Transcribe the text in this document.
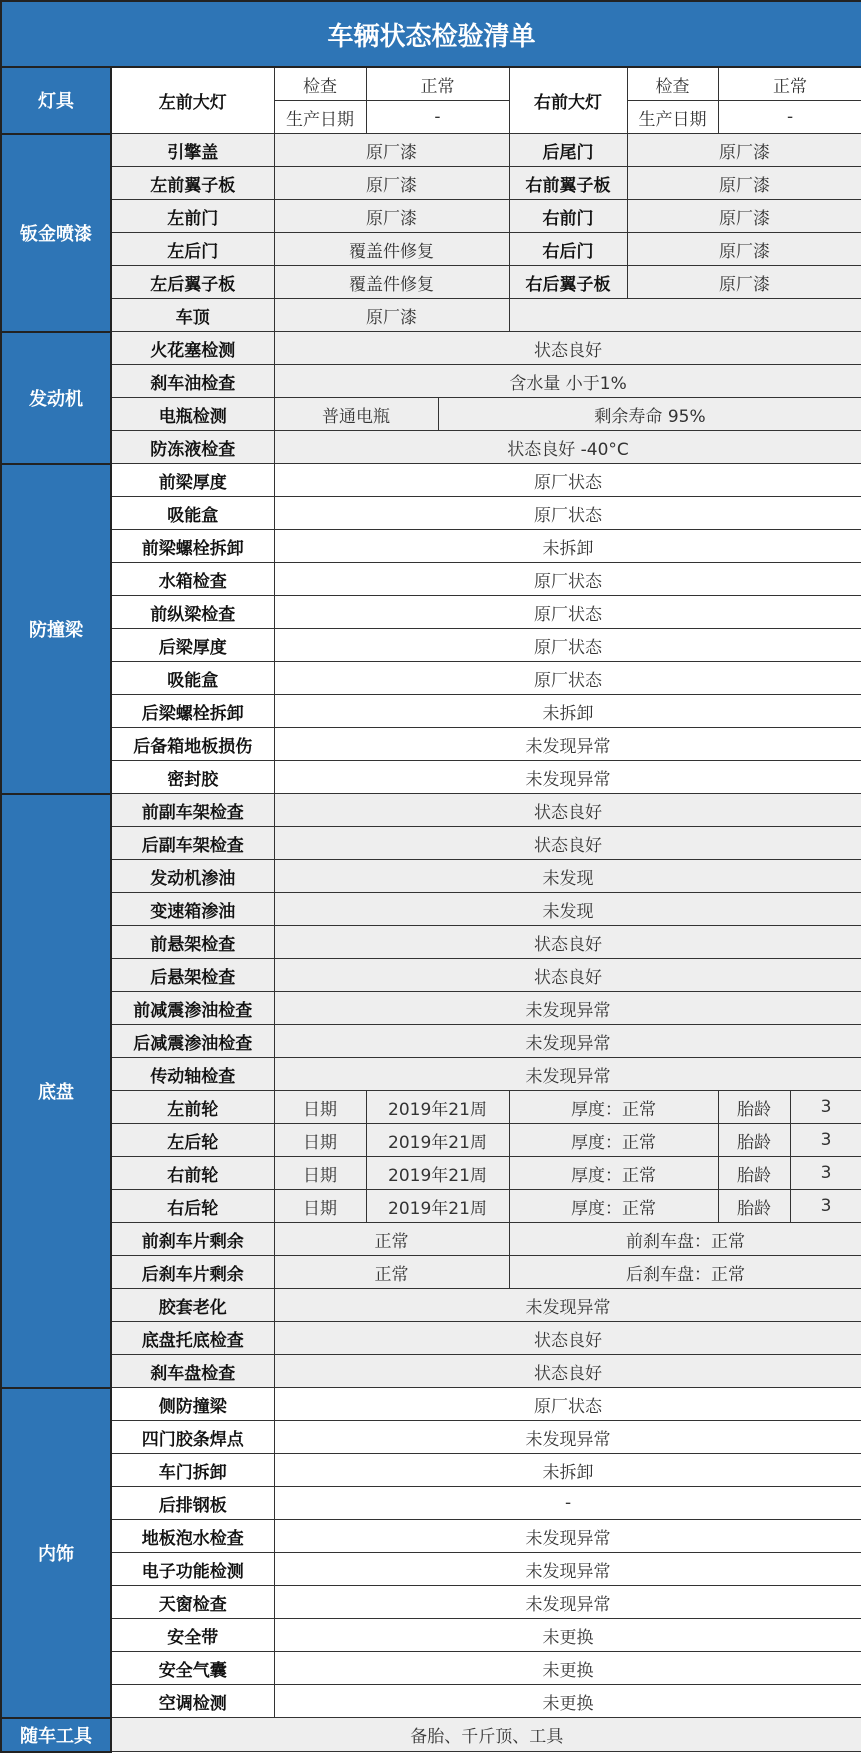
车辆状态检验清单								
灯具	左前大灯	检查	正常		右前大灯	检查	正常	
		生产日期	-			生产日期	-	
钣金喷漆	引擎盖	原厂漆			后尾门	原厂漆		
	左前翼子板	原厂漆			右前翼子板	原厂漆		
	左前门	原厂漆			右前门	原厂漆		
	左后门	覆盖件修复			右后门	原厂漆		
	左后翼子板	覆盖件修复			右后翼子板	原厂漆		
	车顶	原厂漆						
发动机	火花塞检测	状态良好						
	刹车油检查	含水量 小于1%						
	电瓶检测	普通电瓶		剩余寿命 95%				
	防冻液检查	状态良好 -40°C						
防撞梁	前梁厚度	原厂状态						
	吸能盒	原厂状态						
	前梁螺栓拆卸	未拆卸						
	水箱检查	原厂状态						
	前纵梁检查	原厂状态						
	后梁厚度	原厂状态						
	吸能盒	原厂状态						
	后梁螺栓拆卸	未拆卸						
	后备箱地板损伤	未发现异常						
	密封胶	未发现异常						
底盘	前副车架检查	状态良好						
	后副车架检查	状态良好						
	发动机渗油	未发现						
	变速箱渗油	未发现						
	前悬架检查	状态良好						
	后悬架检查	状态良好						
	前减震渗油检查	未发现异常						
	后减震渗油检查	未发现异常						
	传动轴检查	未发现异常						
	左前轮	日期	2019年21周		厚度：正常		胎龄	3
	左后轮	日期	2019年21周		厚度：正常		胎龄	3
	右前轮	日期	2019年21周		厚度：正常		胎龄	3
	右后轮	日期	2019年21周		厚度：正常		胎龄	3
	前刹车片剩余	正常			前刹车盘：正常			
	后刹车片剩余	正常			后刹车盘：正常			
	胶套老化	未发现异常						
	底盘托底检查	状态良好						
	刹车盘检查	状态良好						
内饰	侧防撞梁	原厂状态						
	四门胶条焊点	未发现异常						
	车门拆卸	未拆卸						
	后排钢板	-						
	地板泡水检查	未发现异常						
	电子功能检测	未发现异常						
	天窗检查	未发现异常						
	安全带	未更换						
	安全气囊	未更换						
	空调检测	未更换						
随车工具	备胎、千斤顶、工具							
